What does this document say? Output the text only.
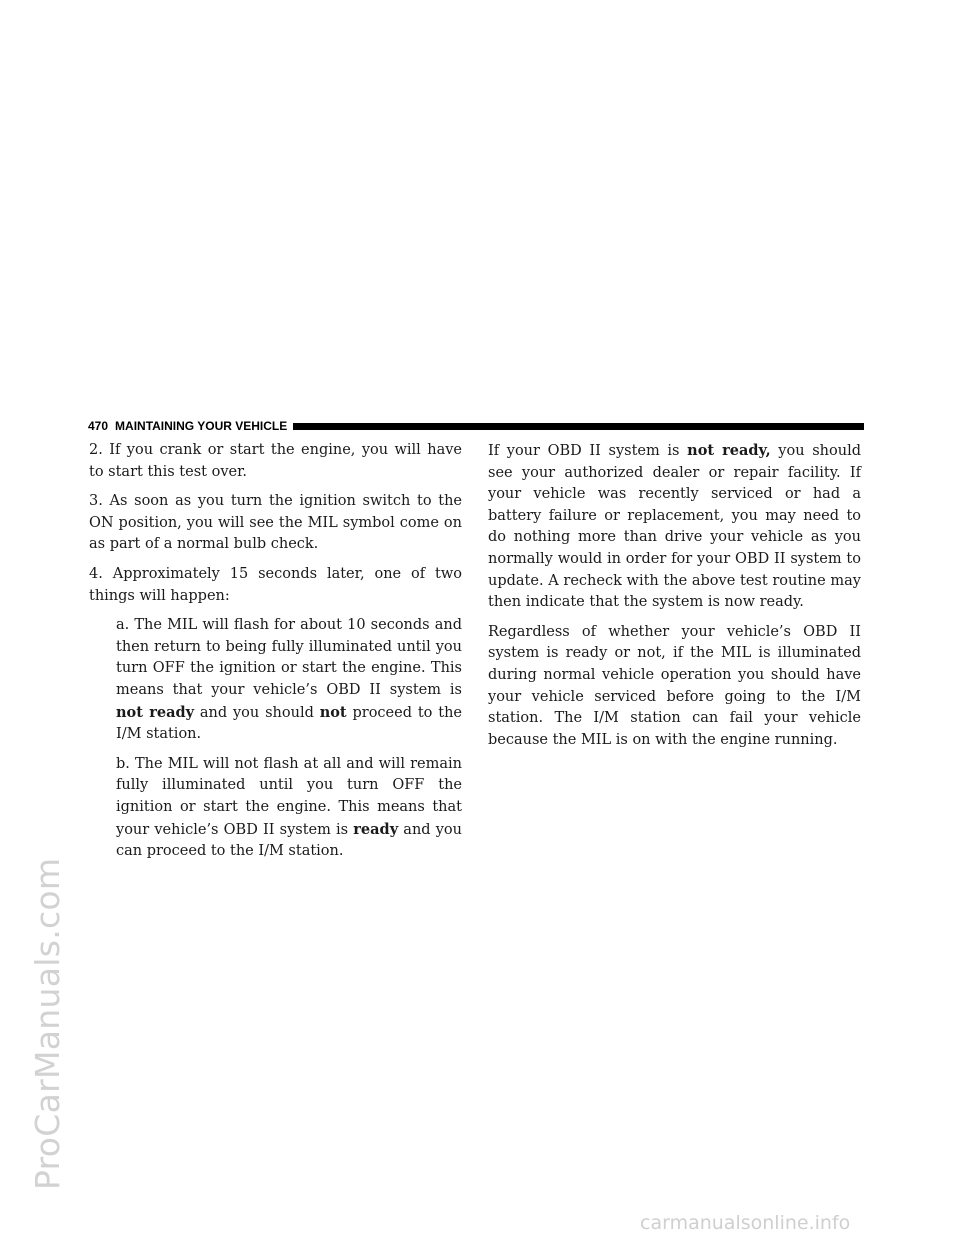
ProCarManuals.com
carmanualsonline.info
470 MAINTAINING YOUR VEHICLE

2. If you crank or start the engine, you will have to start this test over.

3. As soon as you turn the ignition switch to the ON position, you will see the MIL symbol come on as part of a normal bulb check.

4. Approximately 15 seconds later, one of two things will happen:

a. The MIL will flash for about 10 seconds and then return to being fully illuminated until you turn OFF the ignition or start the engine. This means that your vehicle’s OBD II system is not ready and you should not proceed to the I/M station.

b. The MIL will not flash at all and will remain fully illuminated until you turn OFF the ignition or start the engine. This means that your vehicle’s OBD II system is ready and you can proceed to the I/M station.

If your OBD II system is not ready, you should see your authorized dealer or repair facility. If your vehicle was recently serviced or had a battery failure or replacement, you may need to do nothing more than drive your vehicle as you normally would in order for your OBD II system to update. A recheck with the above test routine may then indicate that the system is now ready.

Regardless of whether your vehicle’s OBD II system is ready or not, if the MIL is illuminated during normal vehicle operation you should have your vehicle serviced before going to the I/M station. The I/M station can fail your vehicle because the MIL is on with the engine running.
